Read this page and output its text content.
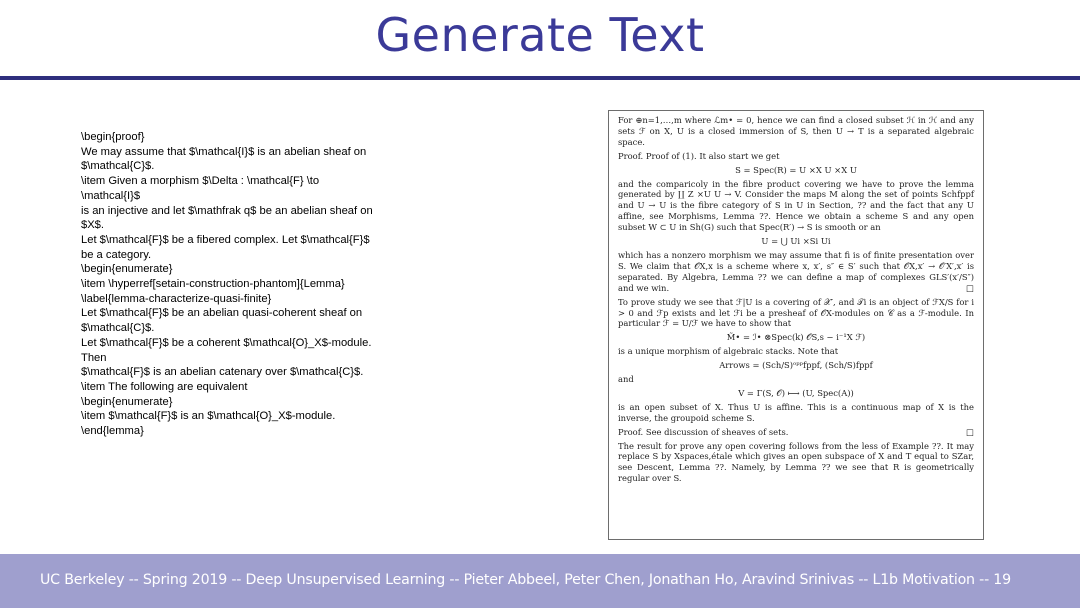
Generate Text
\begin{proof}
We may assume that $\mathcal{I}$ is an abelian sheaf on
$\mathcal{C}$.
\item Given a morphism $\Delta : \mathcal{F} \to
\mathcal{I}$
is an injective and let $\mathfrak q$ be an abelian sheaf on
$X$.
Let $\mathcal{F}$ be a fibered complex. Let $\mathcal{F}$
be a category.
\begin{enumerate}
\item \hyperref[setain-construction-phantom]{Lemma}
\label{lemma-characterize-quasi-finite}
Let $\mathcal{F}$ be an abelian quasi-coherent sheaf on
$\mathcal{C}$.
Let $\mathcal{F}$ be a coherent $\mathcal{O}_X$-module.
Then
$\mathcal{F}$ is an abelian catenary over $\mathcal{C}$.
\item The following are equivalent
\begin{enumerate}
\item $\mathcal{F}$ is an $\mathcal{O}_X$-module.
\end{lemma}

For ⊕n=1,…,m where ℒm• = 0, hence we can find a closed subset ℋ in ℋ and any sets ℱ on X, U is a closed immersion of S, then U → T is a separated algebraic space.

Proof. Proof of (1). It also start we get

S = Spec(R) = U ×X U ×X U

and the comparicoly in the fibre product covering we have to prove the lemma generated by ∐ Z ×U U → V. Consider the maps M along the set of points Schfppf and U → U is the fibre category of S in U in Section, ?? and the fact that any U affine, see Morphisms, Lemma ??. Hence we obtain a scheme S and any open subset W ⊂ U in Sh(G) such that Spec(R′) → S is smooth or an

U = ⋃ Ui ×Si Ui

which has a nonzero morphism we may assume that fi is of finite presentation over S. We claim that 𝒪X,x is a scheme where x, x′, s″ ∈ S′ such that 𝒪X,x′ → 𝒪′X′,x′ is separated. By Algebra, Lemma ?? we can define a map of complexes GLS′(x′/S″) and we win.	□

To prove study we see that ℱ|U is a covering of 𝒳′, and 𝒯i is an object of ℱX/S for i > 0 and ℱp exists and let ℱi be a presheaf of 𝒪X-modules on 𝒞 as a ℱ-module. In particular ℱ = U/ℱ we have to show that

M̃• = ℐ• ⊗Spec(k) 𝒪S,s − i⁻¹X ℱ)

is a unique morphism of algebraic stacks. Note that

Arrows = (Sch/S)ᵒᵖᵖfppf, (Sch/S)fppf

and

V = Γ(S, 𝒪) ⟼ (U, Spec(A))

is an open subset of X. Thus U is affine. This is a continuous map of X is the inverse, the groupoid scheme S.

Proof. See discussion of sheaves of sets.	□

The result for prove any open covering follows from the less of Example ??. It may replace S by Xspaces,étale which gives an open subspace of X and T equal to SZar, see Descent, Lemma ??. Namely, by Lemma ?? we see that R is geometrically regular over S.

UC Berkeley -- Spring 2019 -- Deep Unsupervised Learning -- Pieter Abbeel, Peter Chen, Jonathan Ho, Aravind Srinivas -- L1b Motivation -- 19
